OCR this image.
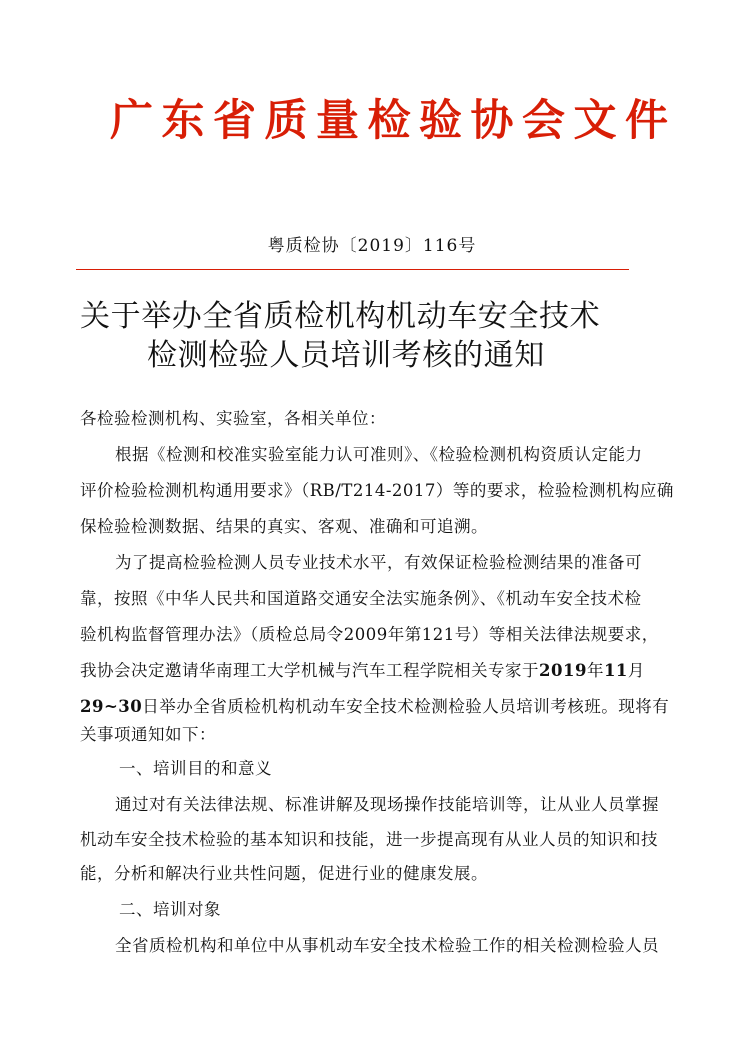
广东省质量检验协会文件
粤质检协〔2019〕116号
关于举办全省质检机构机动车安全技术
检测检验人员培训考核的通知
各检验检测机构、实验室，各相关单位：
根据《检测和校准实验室能力认可准则》、《检验检测机构资质认定能力
评价检验检测机构通用要求》（RB/T214-2017）等的要求，检验检测机构应确
保检验检测数据、结果的真实、客观、准确和可追溯。
为了提高检验检测人员专业技术水平，有效保证检验检测结果的准备可
靠，按照《中华人民共和国道路交通安全法实施条例》、《机动车安全技术检
验机构监督管理办法》（质检总局令2009年第121号）等相关法律法规要求，
我协会决定邀请华南理工大学机械与汽车工程学院相关专家于2019年11月
29~30日举办全省质检机构机动车安全技术检测检验人员培训考核班。现将有
关事项通知如下：
一、培训目的和意义
通过对有关法律法规、标准讲解及现场操作技能培训等，让从业人员掌握
机动车安全技术检验的基本知识和技能，进一步提高现有从业人员的知识和技
能，分析和解决行业共性问题，促进行业的健康发展。
二、培训对象
全省质检机构和单位中从事机动车安全技术检验工作的相关检测检验人员
